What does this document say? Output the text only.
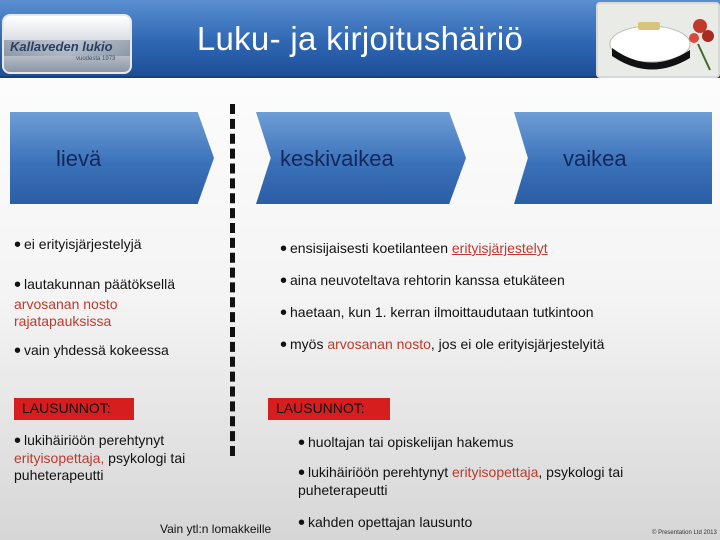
Kallaveden lukio
vuodesta 1973
Luku- ja kirjoitushäiriö
lievä	keskivaikea	vaikea
• ei erityisjärjestelyjä
• lautakunnan päätöksellä
arvosanan nosto rajatapauksissa
• vain yhdessä kokeessa
LAUSUNNOT:
• lukihäiriöön perehtynyt erityisopettaja, psykologi tai puheterapeutti
Vain ytl:n lomakkeille
• ensisijaisesti koetilanteen erityisjärjestelyt
• aina neuvoteltava rehtorin kanssa etukäteen
• haetaan, kun 1. kerran ilmoittaudutaan tutkintoon
• myös arvosanan nosto, jos ei ole erityisjärjestelyitä
LAUSUNNOT:
• huoltajan tai opiskelijan hakemus
• lukihäiriöön perehtynyt erityisopettaja, psykologi tai puheterapeutti
• kahden opettajan lausunto
© Presentation Ltd 2013
